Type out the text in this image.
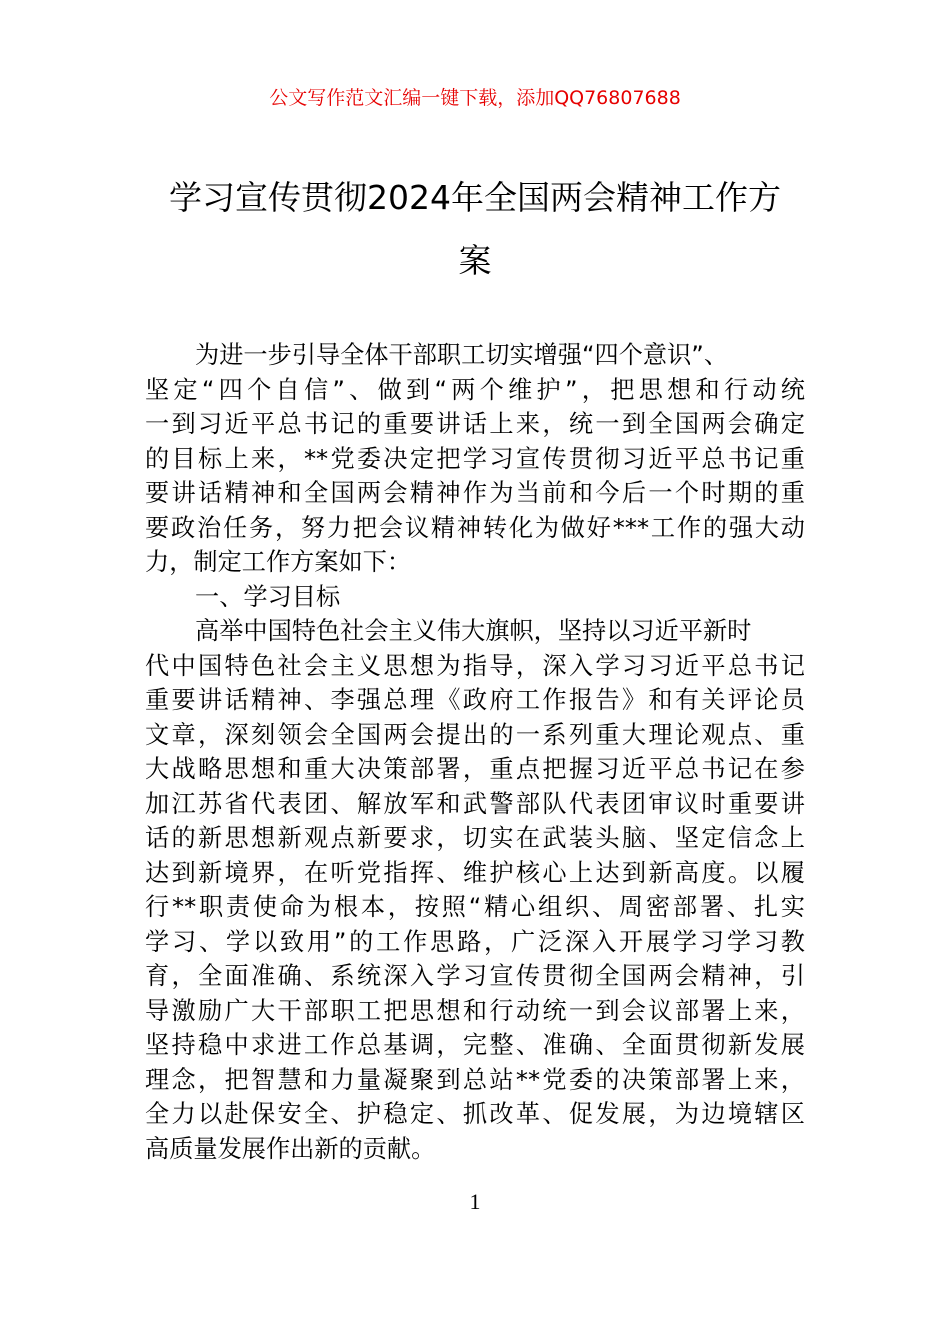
公文写作范文汇编一键下载，添加QQ76807688
学习宣传贯彻2024年全国两会精神工作方
案
为进一步引导全体干部职工切实增强“四个意识”、
坚定“四个自信”、做到“两个维护”，把思想和行动统
一到习近平总书记的重要讲话上来，统一到全国两会确定
的目标上来，**党委决定把学习宣传贯彻习近平总书记重
要讲话精神和全国两会精神作为当前和今后一个时期的重
要政治任务，努力把会议精神转化为做好***工作的强大动
力，制定工作方案如下：
一、学习目标
高举中国特色社会主义伟大旗帜，坚持以习近平新时
代中国特色社会主义思想为指导，深入学习习近平总书记
重要讲话精神、李强总理《政府工作报告》和有关评论员
文章，深刻领会全国两会提出的一系列重大理论观点、重
大战略思想和重大决策部署，重点把握习近平总书记在参
加江苏省代表团、解放军和武警部队代表团审议时重要讲
话的新思想新观点新要求，切实在武装头脑、坚定信念上
达到新境界，在听党指挥、维护核心上达到新高度。以履
行**职责使命为根本，按照“精心组织、周密部署、扎实
学习、学以致用”的工作思路，广泛深入开展学习学习教
育，全面准确、系统深入学习宣传贯彻全国两会精神，引
导激励广大干部职工把思想和行动统一到会议部署上来，
坚持稳中求进工作总基调，完整、准确、全面贯彻新发展
理念，把智慧和力量凝聚到总站**党委的决策部署上来，
全力以赴保安全、护稳定、抓改革、促发展，为边境辖区
高质量发展作出新的贡献。
1
